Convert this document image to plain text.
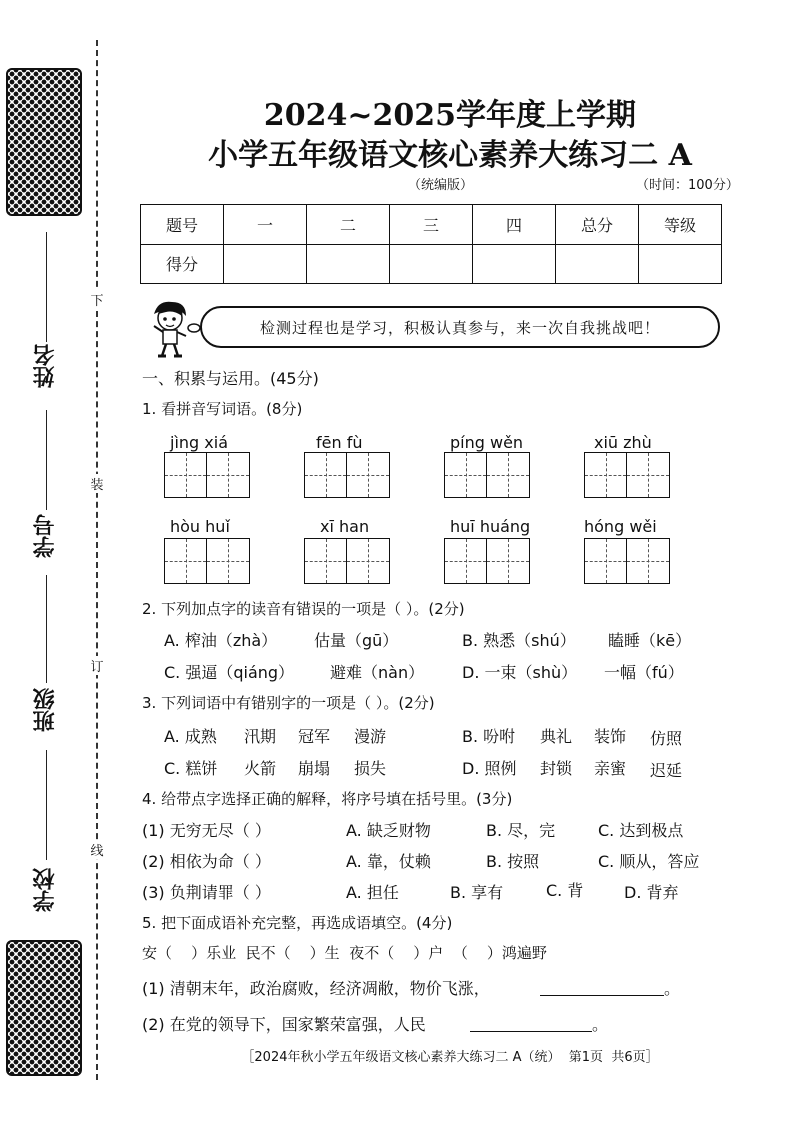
姓名
学号
班级
学校
下
装
订
线
2024~2025学年度上学期
小学五年级语文核心素养大练习二 A
（统编版）	（时间：100分）
题号	一	二	三	四	总分	等级
得分						
检测过程也是学习，积极认真参与，来一次自我挑战吧！
一、积累与运用。(45分)
1. 看拼音写词语。(8分)
jìng xiá	fēn fù	píng wěn	xiū zhù
hòu huǐ	xī han	huī huáng	hóng wěi
2. 下列加点字的读音有错误的一项是（ ）。(2分)
A. 榨油（zhà） 估量（gū）	B. 熟悉（shú） 瞌睡（kē）
C. 强逼（qiáng） 避难（nàn） D. 一束（shù） 一幅（fú）
3. 下列词语中有错别字的一项是（ ）。(2分)
A. 成熟 汛期 冠军 漫游	B. 吩咐 典礼 装饰 仿照
C. 糕饼 火箭 崩塌 损失	D. 照例 封锁 亲蜜 迟延
4. 给带点字选择正确的解释，将序号填在括号里。(3分)
(1) 无穷无尽（ ）	A. 缺乏财物	B. 尽，完	C. 达到极点
(2) 相依为命（ ）	A. 靠，仗赖	B. 按照	C. 顺从，答应
(3) 负荆请罪（ ）	A. 担任	B. 享有	C. 背	D. 背弃
5. 把下面成语补充完整，再选成语填空。(4分)
安（    ）乐业  民不（    ）生  夜不（    ）户  （    ）鸿遍野
(1) 清朝末年，政治腐败，经济凋敝，物价飞涨，	。
(2) 在党的领导下，国家繁荣富强，人民	。
［2024年秋小学五年级语文核心素养大练习二 A（统）  第1页  共6页］
